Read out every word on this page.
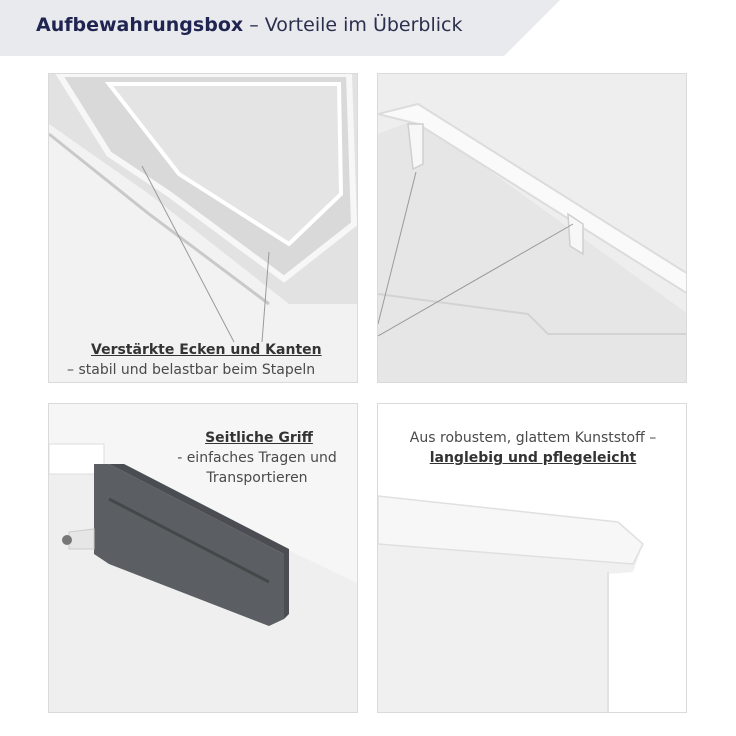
Aufbewahrungsbox – Vorteile im Überblick
Verstärkte Ecken und Kanten
– stabil und belastbar beim Stapeln
Seitliche Griff
- einfaches Tragen und
Transportieren
Aus robustem, glattem Kunststoff –
langlebig und pflegeleicht
